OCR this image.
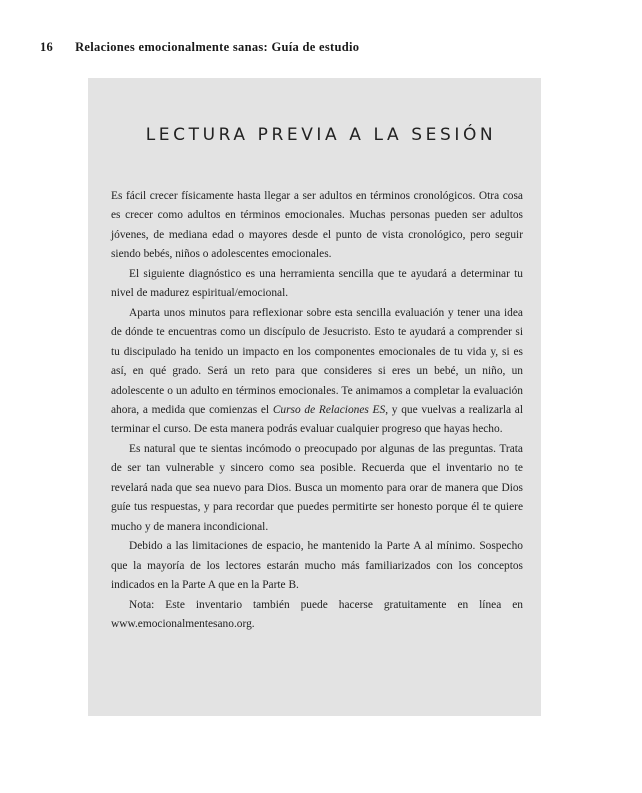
16 Relaciones emocionalmente sanas: Guía de estudio
LECTURA PREVIA A LA SESIÓN

Es fácil crecer físicamente hasta llegar a ser adultos en términos cronológicos. Otra cosa es crecer como adultos en términos emocionales. Muchas personas pueden ser adultos jóvenes, de mediana edad o mayores desde el punto de vista cronológico, pero seguir siendo bebés, niños o adolescentes emocionales.

El siguiente diagnóstico es una herramienta sencilla que te ayudará a determinar tu nivel de madurez espiritual/emocional.

Aparta unos minutos para reflexionar sobre esta sencilla evaluación y tener una idea de dónde te encuentras como un discípulo de Jesucristo. Esto te ayudará a comprender si tu discipulado ha tenido un impacto en los componentes emocionales de tu vida y, si es así, en qué grado. Será un reto para que consideres si eres un bebé, un niño, un adolescente o un adulto en términos emocionales. Te animamos a completar la evaluación ahora, a medida que comienzas el Curso de Relaciones ES, y que vuelvas a realizarla al terminar el curso. De esta manera podrás evaluar cualquier progreso que hayas hecho.

Es natural que te sientas incómodo o preocupado por algunas de las preguntas. Trata de ser tan vulnerable y sincero como sea posible. Recuerda que el inventario no te revelará nada que sea nuevo para Dios. Busca un momento para orar de manera que Dios guíe tus respuestas, y para recordar que puedes permitirte ser honesto porque él te quiere mucho y de manera incondicional.

Debido a las limitaciones de espacio, he mantenido la Parte A al mínimo. Sospecho que la mayoría de los lectores estarán mucho más familiarizados con los conceptos indicados en la Parte A que en la Parte B.

Nota: Este inventario también puede hacerse gratuitamente en línea en www.emocionalmentesano.org.
